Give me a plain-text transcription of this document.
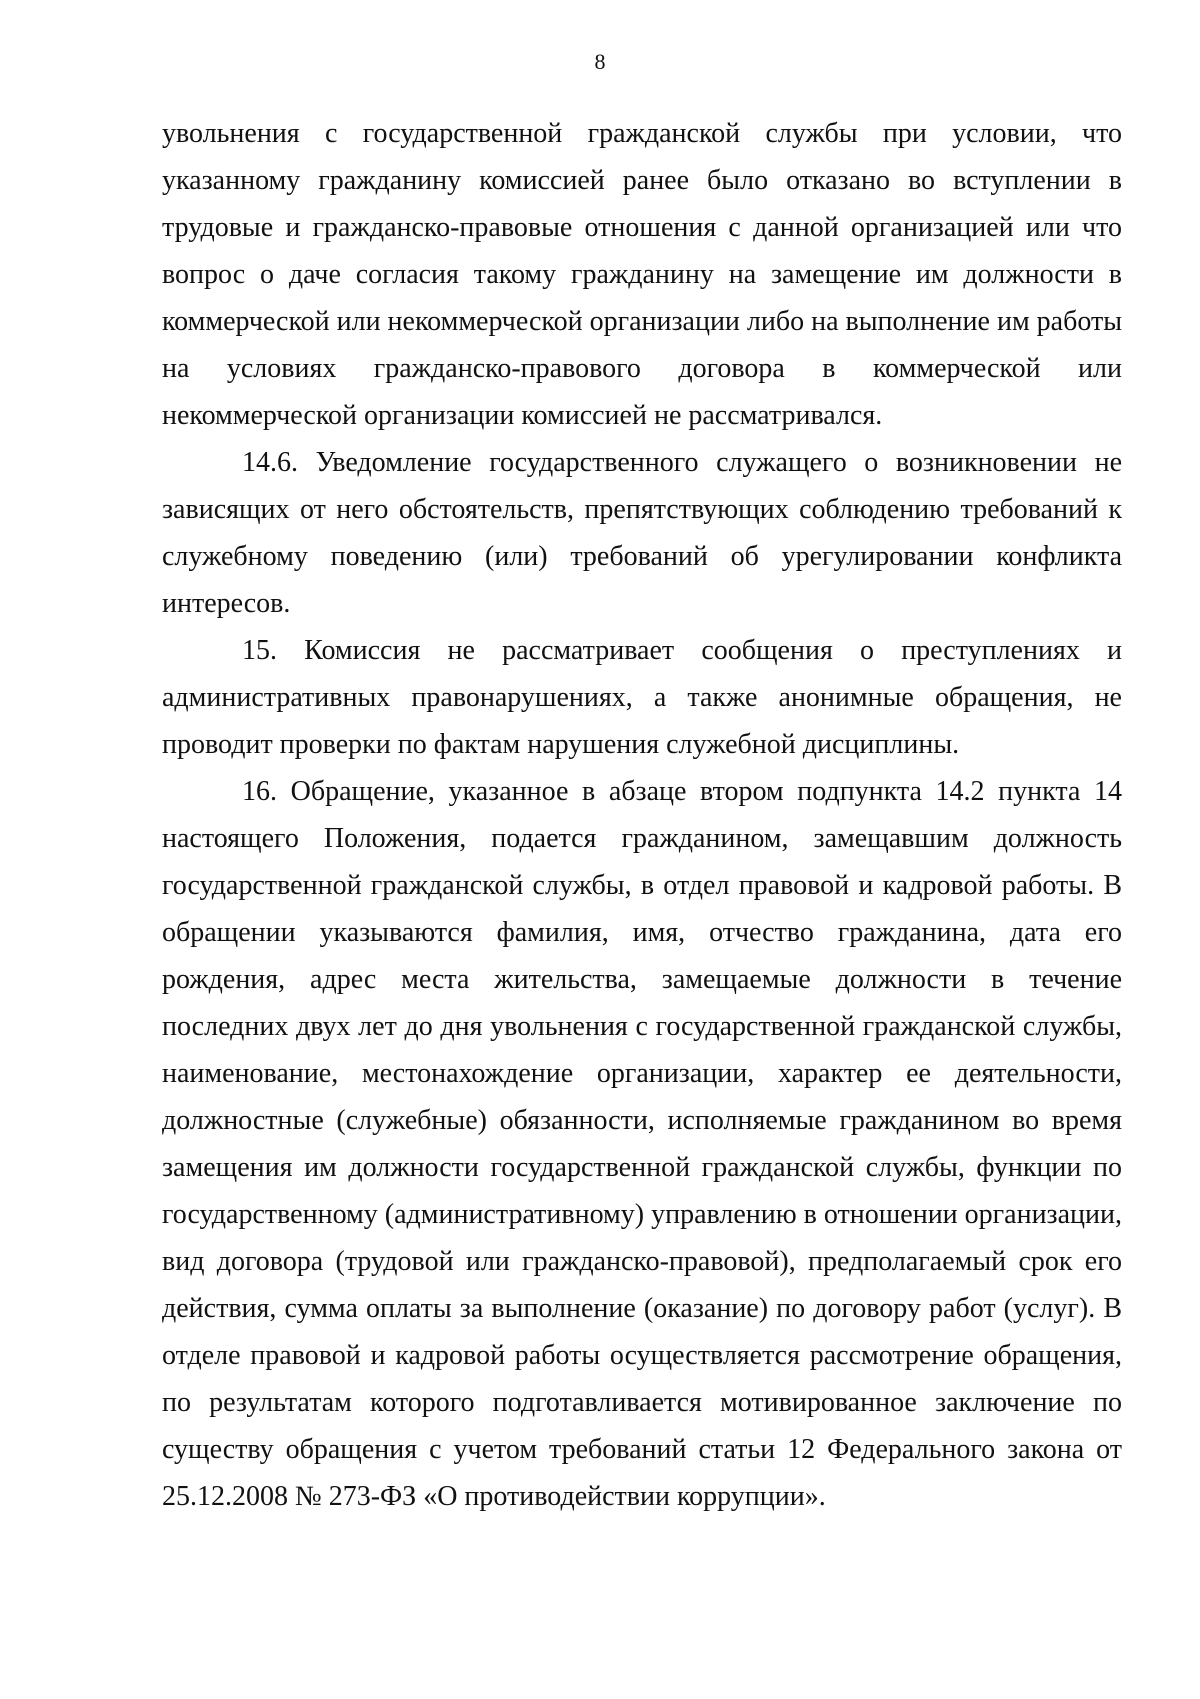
8

увольнения с государственной гражданской службы при условии, что указанному гражданину комиссией ранее было отказано во вступлении в трудовые и гражданско-правовые отношения с данной организацией или что вопрос о даче согласия такому гражданину на замещение им должности в коммерческой или некоммерческой организации либо на выполнение им работы на условиях гражданско-правового договора в коммерческой или некоммерческой организации комиссией не рассматривался.

14.6. Уведомление государственного служащего о возникновении не зависящих от него обстоятельств, препятствующих соблюдению требований к служебному поведению (или) требований об урегулировании конфликта интересов.

15. Комиссия не рассматривает сообщения о преступлениях и административных правонарушениях, а также анонимные обращения, не проводит проверки по фактам нарушения служебной дисциплины.

16. Обращение, указанное в абзаце втором подпункта 14.2 пункта 14 настоящего Положения, подается гражданином, замещавшим должность государственной гражданской службы, в отдел правовой и кадровой работы. В обращении указываются фамилия, имя, отчество гражданина, дата его рождения, адрес места жительства, замещаемые должности в течение последних двух лет до дня увольнения с государственной гражданской службы, наименование, местонахождение организации, характер ее деятельности, должностные (служебные) обязанности, исполняемые гражданином во время замещения им должности государственной гражданской службы, функции по государственному (административному) управлению в отношении организации, вид договора (трудовой или гражданско-правовой), предполагаемый срок его действия, сумма оплаты за выполнение (оказание) по договору работ (услуг). В отделе правовой и кадровой работы осуществляется рассмотрение обращения, по результатам которого подготавливается мотивированное заключение по существу обращения с учетом требований статьи 12 Федерального закона от 25.12.2008 № 273-ФЗ «О противодействии коррупции».
